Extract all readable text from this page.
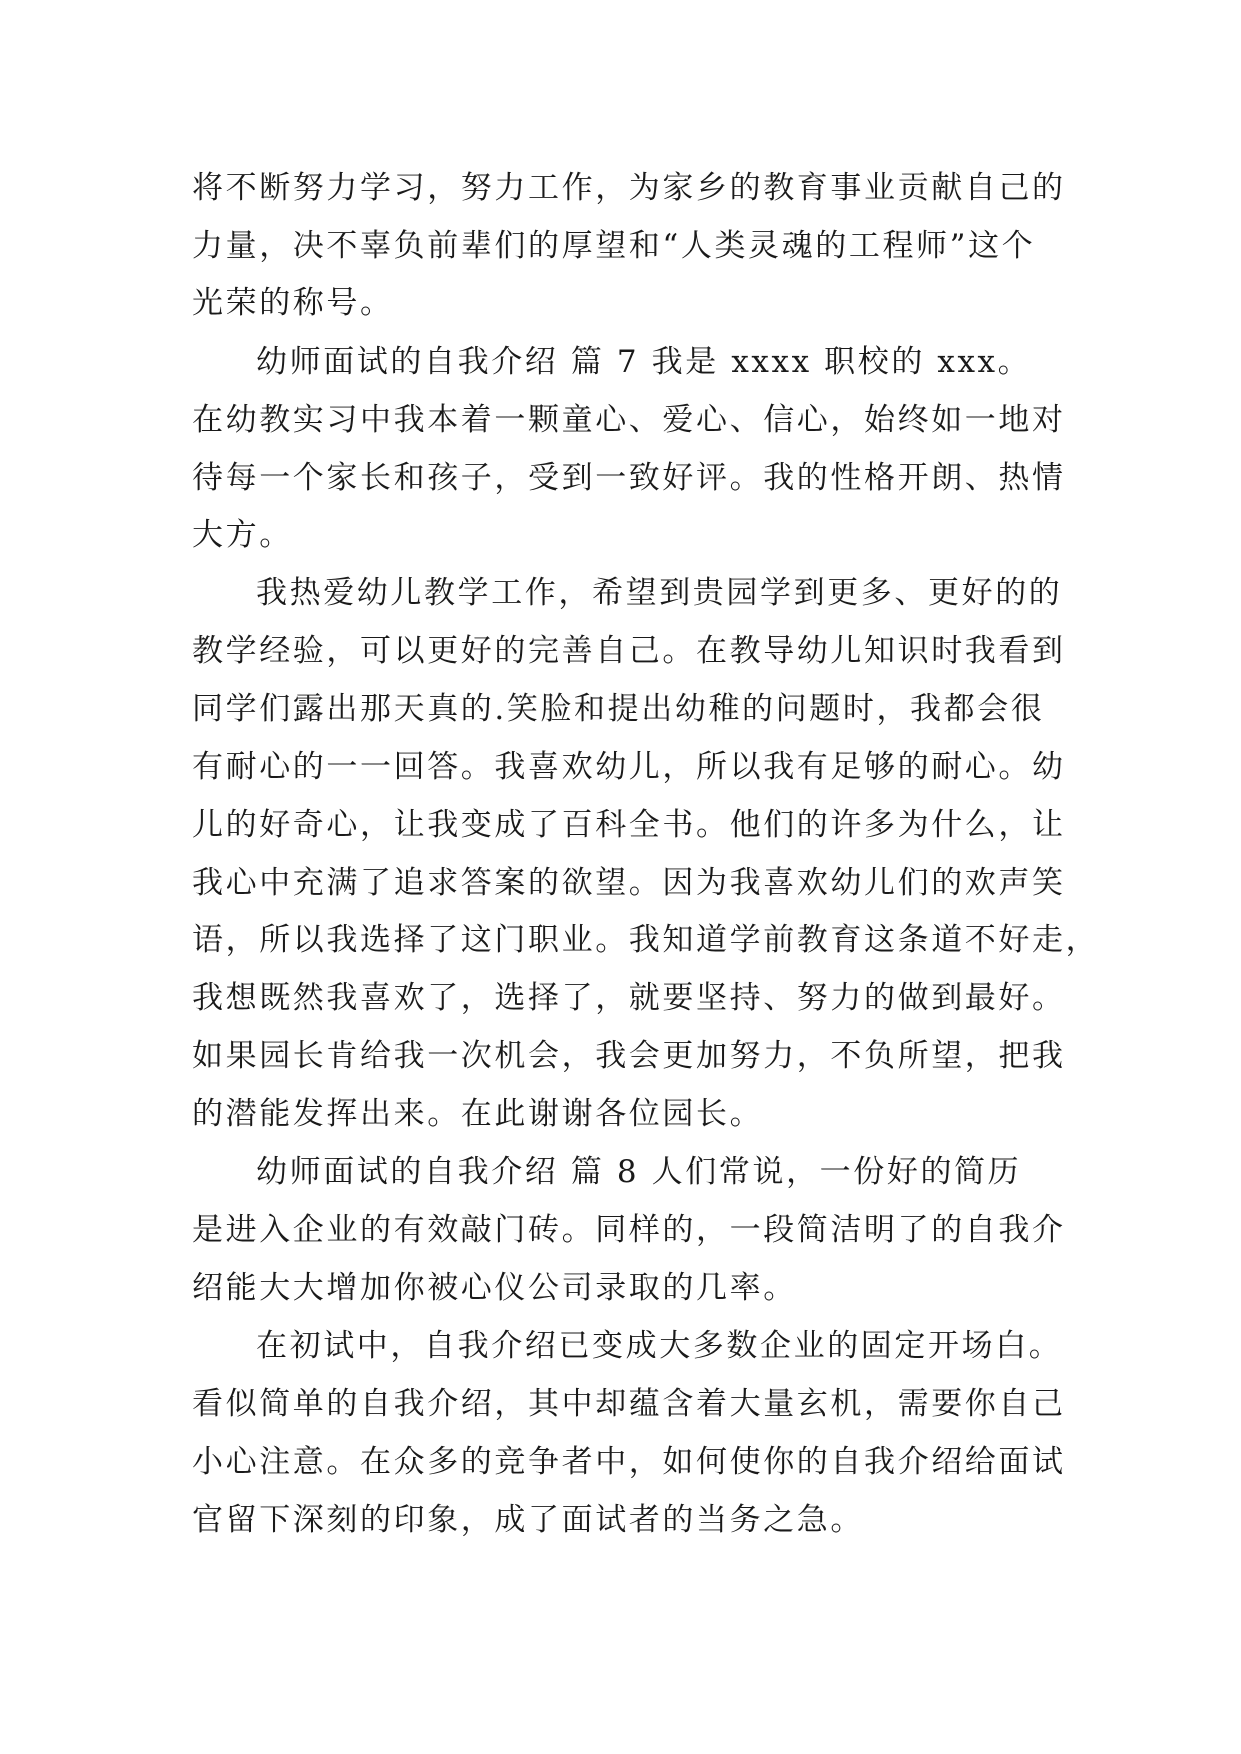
将不断努力学习，努力工作，为家乡的教育事业贡献自己的
力量，决不辜负前辈们的厚望和“人类灵魂的工程师”这个
光荣的称号。
幼师面试的自我介绍 篇 7 我是 xxxx 职校的 xxx。
在幼教实习中我本着一颗童心、爱心、信心，始终如一地对
待每一个家长和孩子，受到一致好评。我的性格开朗、热情
大方。
我热爱幼儿教学工作，希望到贵园学到更多、更好的的
教学经验，可以更好的完善自己。在教导幼儿知识时我看到
同学们露出那天真的.笑脸和提出幼稚的问题时，我都会很
有耐心的一一回答。我喜欢幼儿，所以我有足够的耐心。幼
儿的好奇心，让我变成了百科全书。他们的许多为什么，让
我心中充满了追求答案的欲望。因为我喜欢幼儿们的欢声笑
语，所以我选择了这门职业。我知道学前教育这条道不好走，
我想既然我喜欢了，选择了，就要坚持、努力的做到最好。
如果园长肯给我一次机会，我会更加努力，不负所望，把我
的潜能发挥出来。在此谢谢各位园长。
幼师面试的自我介绍 篇 8 人们常说，一份好的简历
是进入企业的有效敲门砖。同样的，一段简洁明了的自我介
绍能大大增加你被心仪公司录取的几率。
在初试中，自我介绍已变成大多数企业的固定开场白。
看似简单的自我介绍，其中却蕴含着大量玄机，需要你自己
小心注意。在众多的竞争者中，如何使你的自我介绍给面试
官留下深刻的印象，成了面试者的当务之急。
